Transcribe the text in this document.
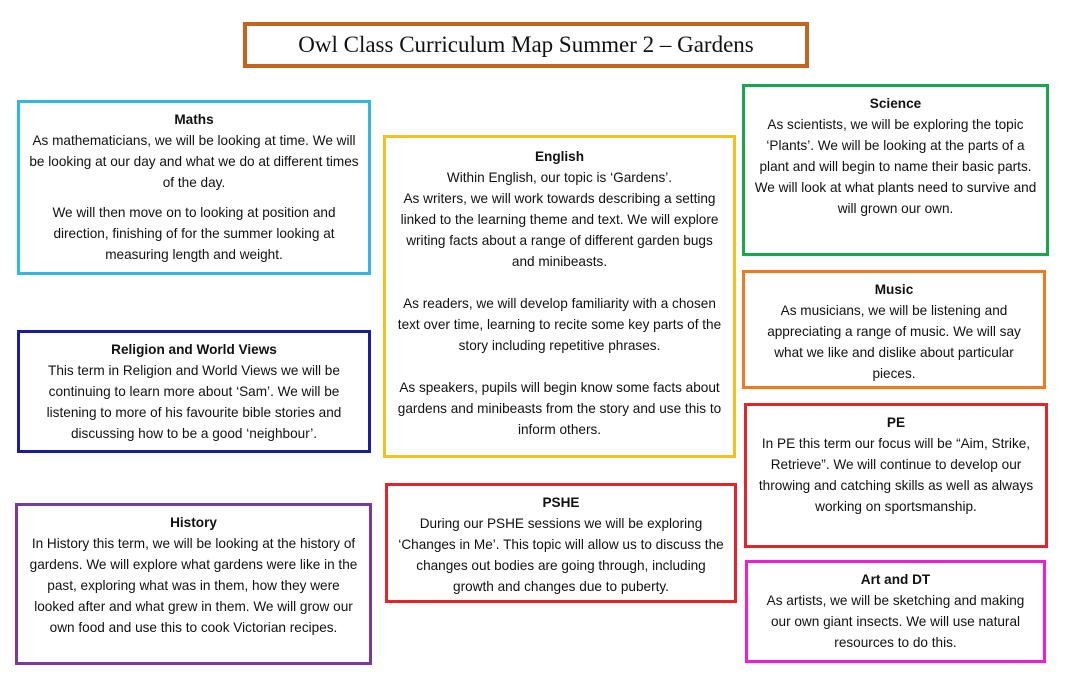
Owl Class Curriculum Map Summer 2 – Gardens
Maths

As mathematicians, we will be looking at time. We will be looking at our day and what we do at different times of the day.

We will then move on to looking at position and direction, finishing of for the summer looking at measuring length and weight.

English

Within English, our topic is ‘Gardens’.

As writers, we will work towards describing a setting linked to the learning theme and text. We will explore writing facts about a range of different garden bugs and minibeasts.

As readers, we will develop familiarity with a chosen text over time, learning to recite some key parts of the story including repetitive phrases.

As speakers, pupils will begin know some facts about gardens and minibeasts from the story and use this to inform others.

Science

As scientists, we will be exploring the topic ‘Plants’. We will be looking at the parts of a plant and will begin to name their basic parts.

We will look at what plants need to survive and will grown our own.

Religion and World Views

This term in Religion and World Views we will be continuing to learn more about ‘Sam’. We will be listening to more of his favourite bible stories and discussing how to be a good ‘neighbour’.

Music

As musicians, we will be listening and appreciating a range of music. We will say what we like and dislike about particular pieces.

PE

In PE this term our focus will be “Aim, Strike, Retrieve”. We will continue to develop our

throwing and catching skills as well as always working on sportsmanship.

PSHE

During our PSHE sessions we will be exploring ‘Changes in Me’. This topic will allow us to discuss the changes out bodies are going through, including growth and changes due to puberty.

History

In History this term, we will be looking at the history of gardens. We will explore what gardens were like in the past, exploring what was in them, how they were looked after and what grew in them. We will grow our own food and use this to cook Victorian recipes.

Art and DT

As artists, we will be sketching and making our own giant insects. We will use natural resources to do this.
